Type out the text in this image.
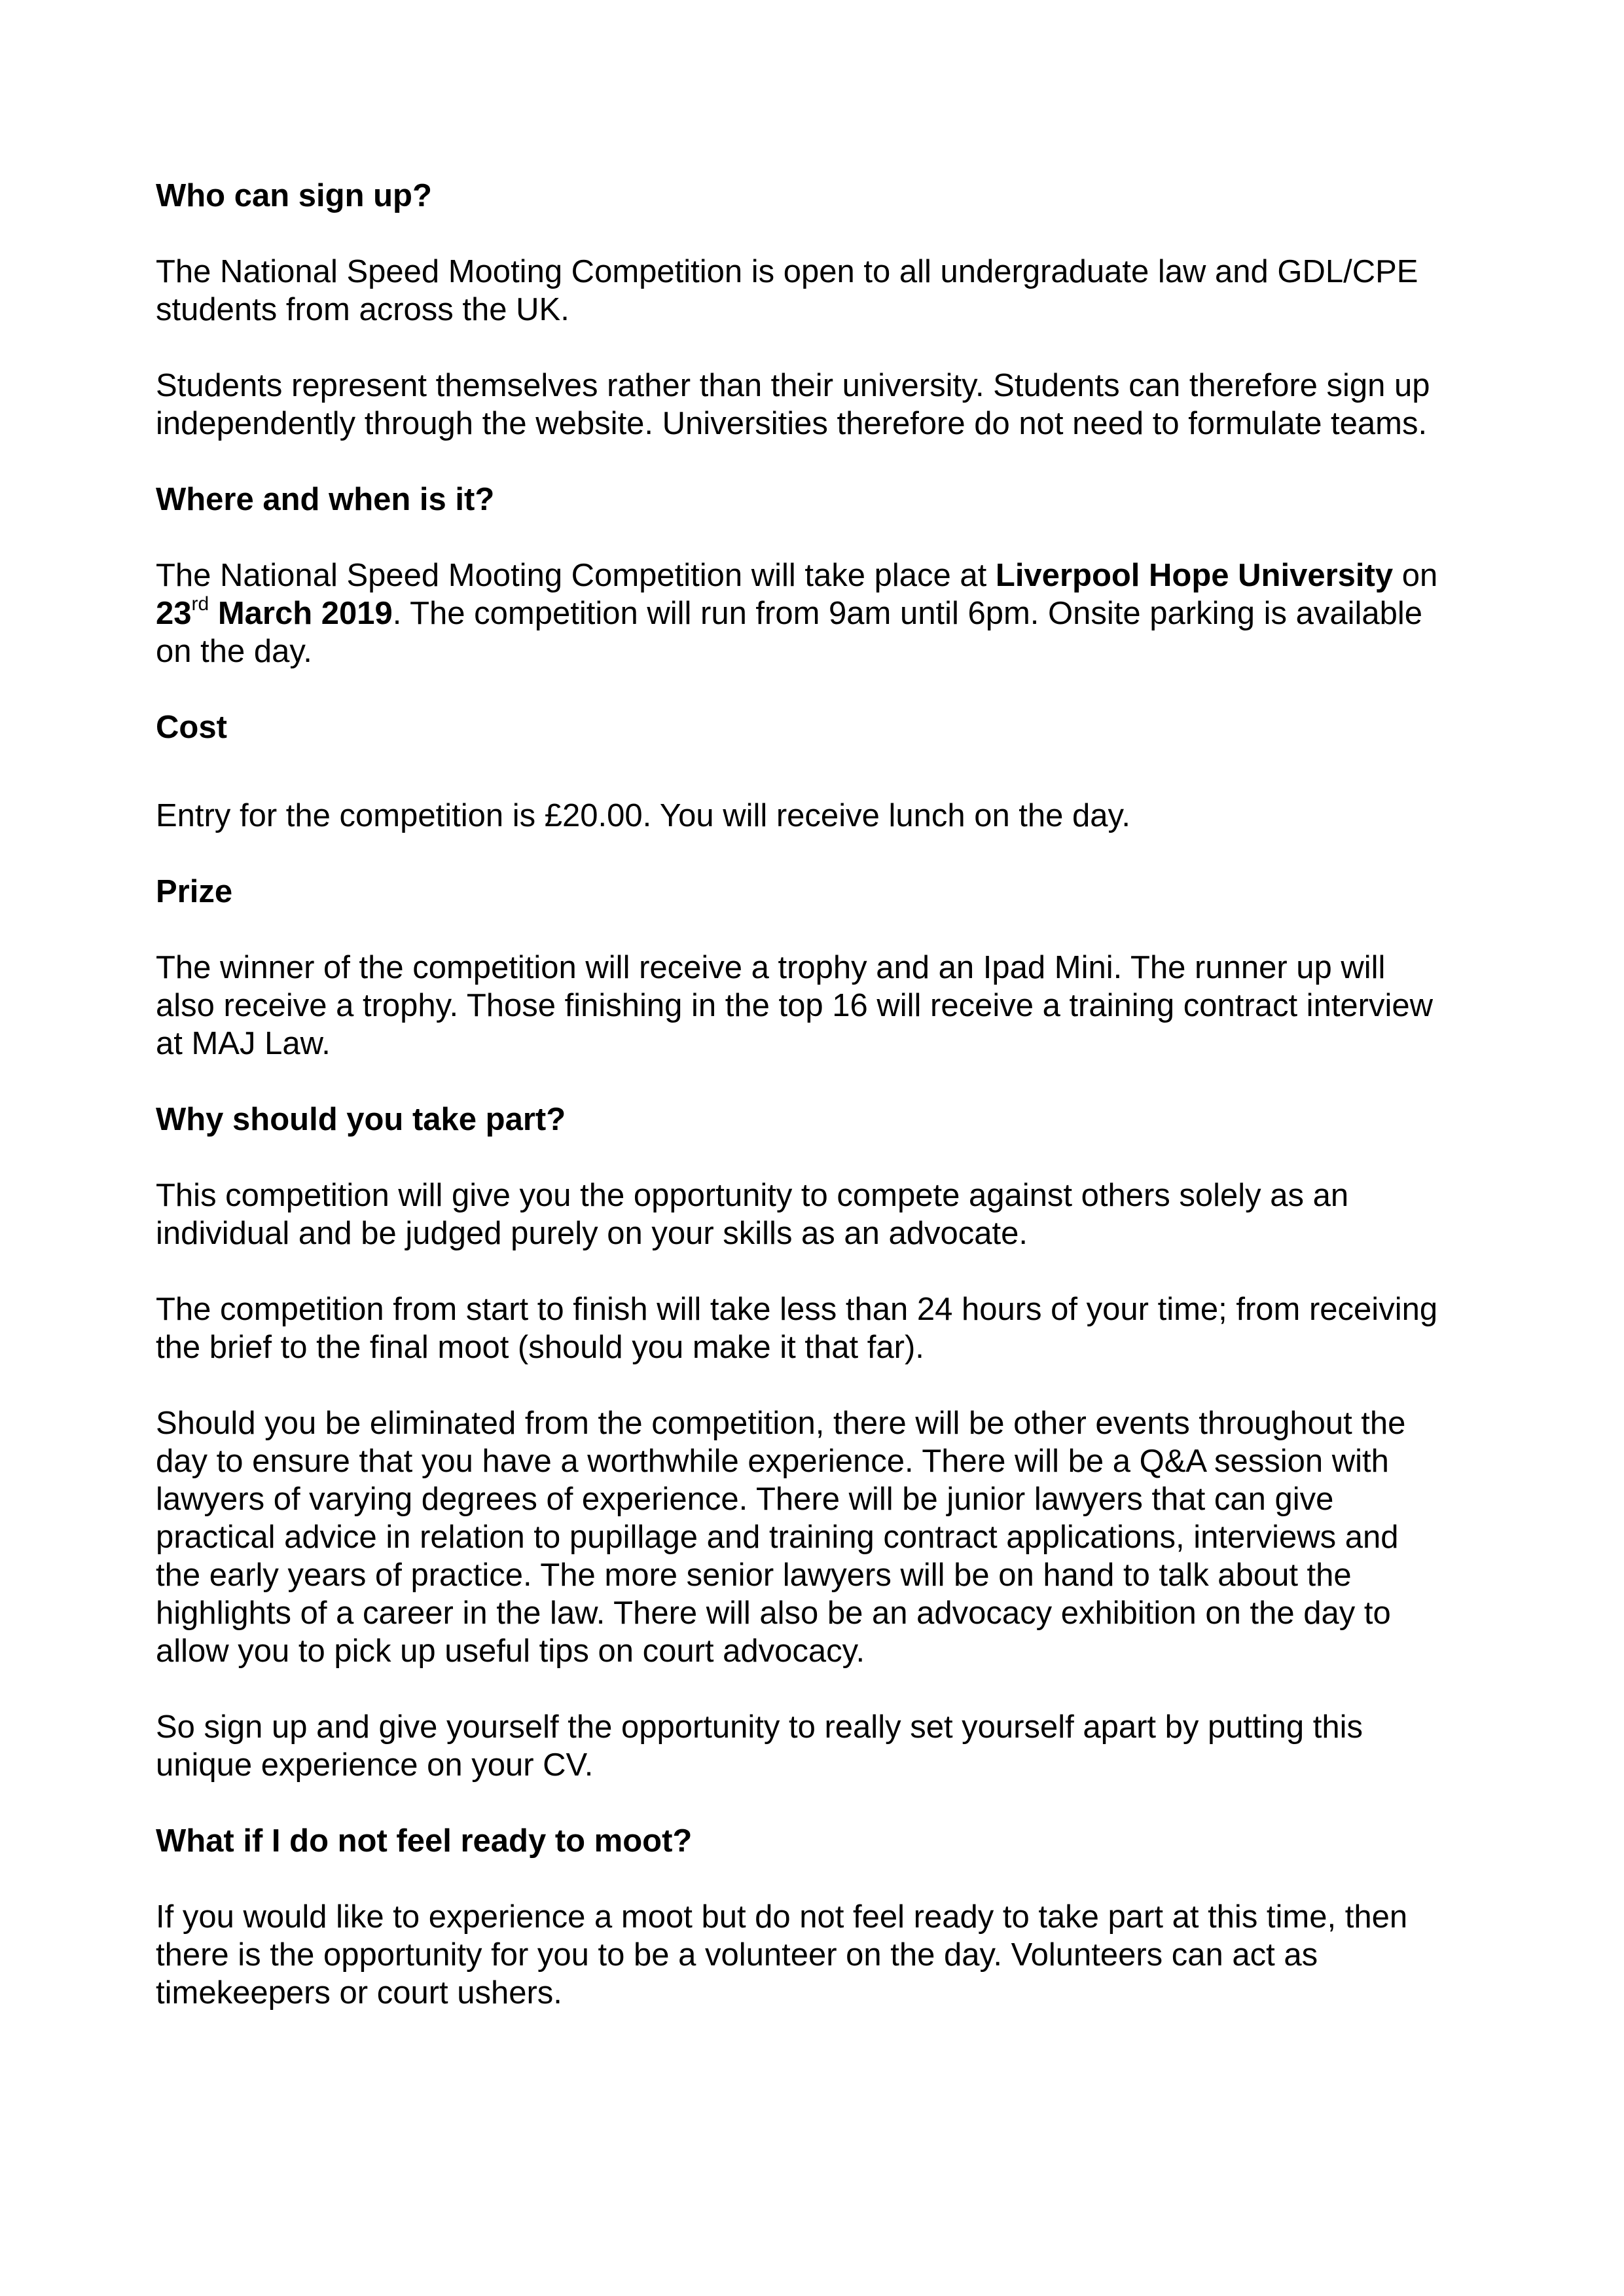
Who can sign up?

The National Speed Mooting Competition is open to all undergraduate law and GDL/CPE

students from across the UK.

Students represent themselves rather than their university. Students can therefore sign up

independently through the website. Universities therefore do not need to formulate teams.

Where and when is it?

The National Speed Mooting Competition will take place at Liverpool Hope University on

23rd March 2019. The competition will run from 9am until 6pm. Onsite parking is available

on the day.

Cost

Entry for the competition is £20.00. You will receive lunch on the day.

Prize

The winner of the competition will receive a trophy and an Ipad Mini. The runner up will

also receive a trophy. Those finishing in the top 16 will receive a training contract interview

at MAJ Law.

Why should you take part?

This competition will give you the opportunity to compete against others solely as an

individual and be judged purely on your skills as an advocate.

The competition from start to finish will take less than 24 hours of your time; from receiving

the brief to the final moot (should you make it that far).

Should you be eliminated from the competition, there will be other events throughout the

day to ensure that you have a worthwhile experience. There will be a Q&A session with

lawyers of varying degrees of experience. There will be junior lawyers that can give

practical advice in relation to pupillage and training contract applications, interviews and

the early years of practice. The more senior lawyers will be on hand to talk about the

highlights of a career in the law. There will also be an advocacy exhibition on the day to

allow you to pick up useful tips on court advocacy.

So sign up and give yourself the opportunity to really set yourself apart by putting this

unique experience on your CV.

What if I do not feel ready to moot?

If you would like to experience a moot but do not feel ready to take part at this time, then

there is the opportunity for you to be a volunteer on the day. Volunteers can act as

timekeepers or court ushers.
